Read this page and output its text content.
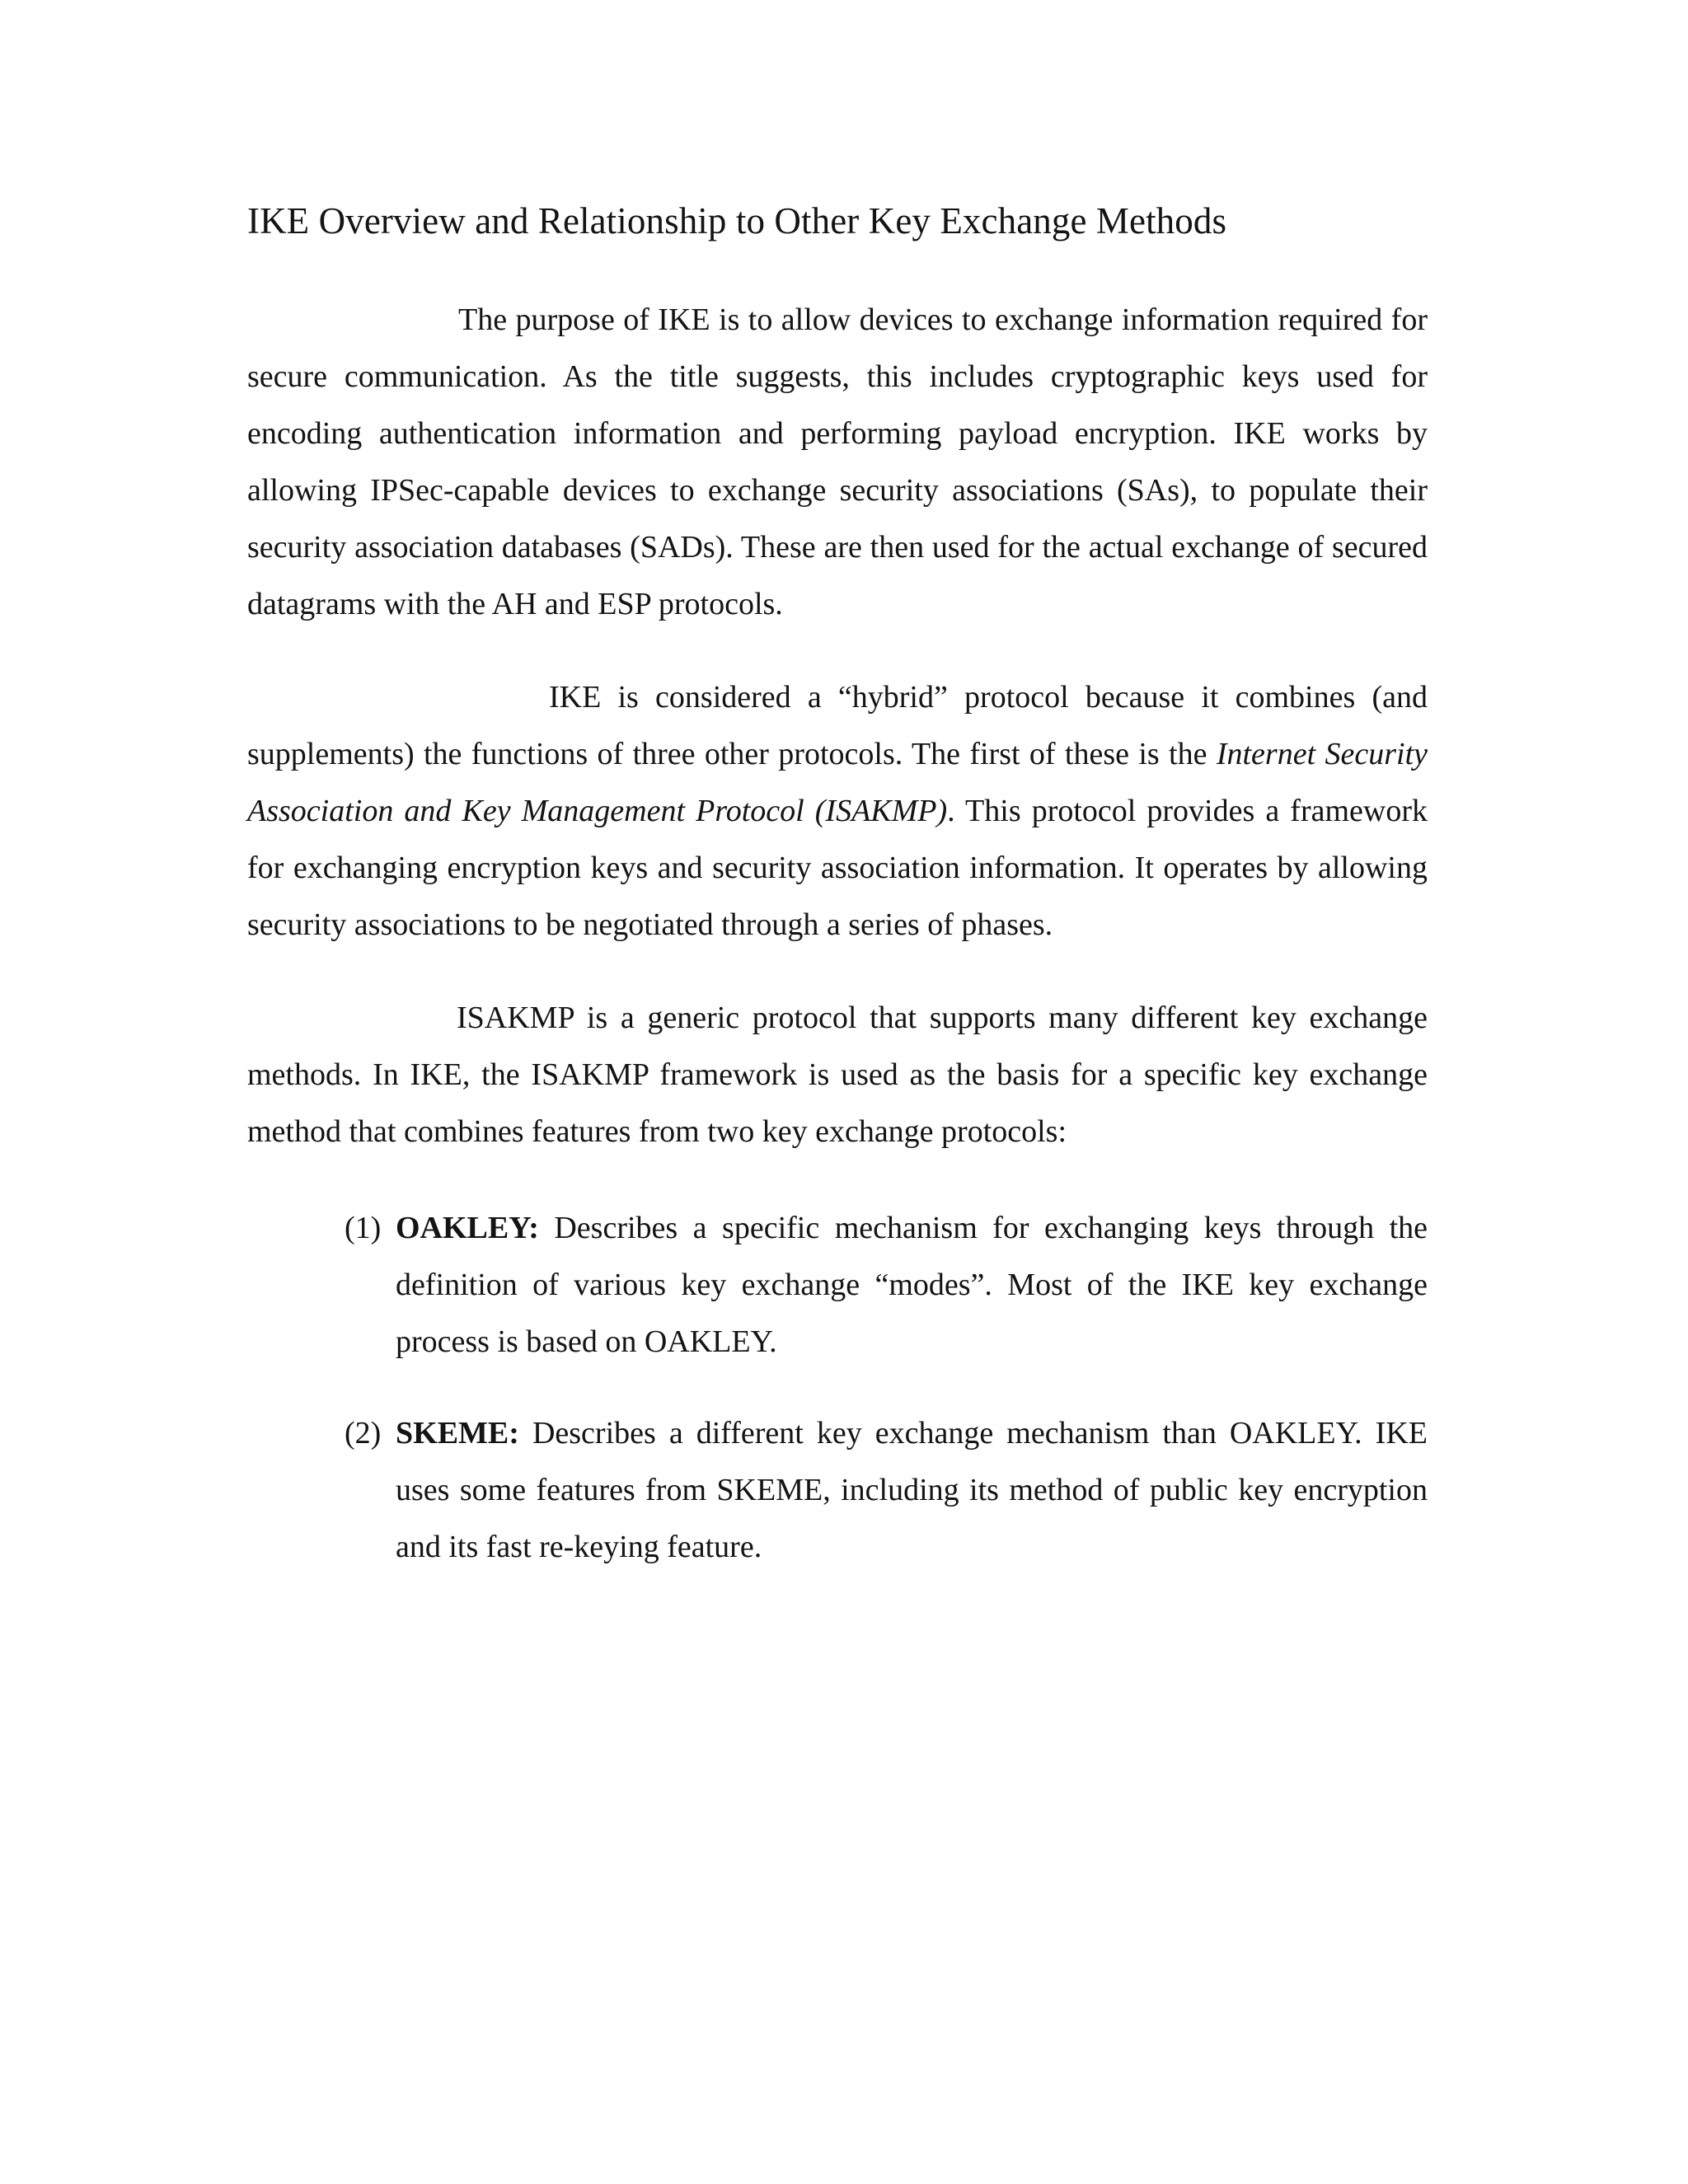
IKE Overview and Relationship to Other Key Exchange Methods

The purpose of IKE is to allow devices to exchange information required for secure communication. As the title suggests, this includes cryptographic keys used for encoding authentication information and performing payload encryption. IKE works by allowing IPSec-capable devices to exchange security associations (SAs), to populate their security association databases (SADs). These are then used for the actual exchange of secured datagrams with the AH and ESP protocols.

IKE is considered a “hybrid” protocol because it combines (and supplements) the functions of three other protocols. The first of these is the Internet Security Association and Key Management Protocol (ISAKMP). This protocol provides a framework for exchanging encryption keys and security association information. It operates by allowing security associations to be negotiated through a series of phases.

ISAKMP is a generic protocol that supports many different key exchange methods. In IKE, the ISAKMP framework is used as the basis for a specific key exchange method that combines features from two key exchange protocols:

(1) OAKLEY: Describes a specific mechanism for exchanging keys through the definition of various key exchange “modes”. Most of the IKE key exchange process is based on OAKLEY.
(2) SKEME: Describes a different key exchange mechanism than OAKLEY. IKE uses some features from SKEME, including its method of public key encryption and its fast re-keying feature.
